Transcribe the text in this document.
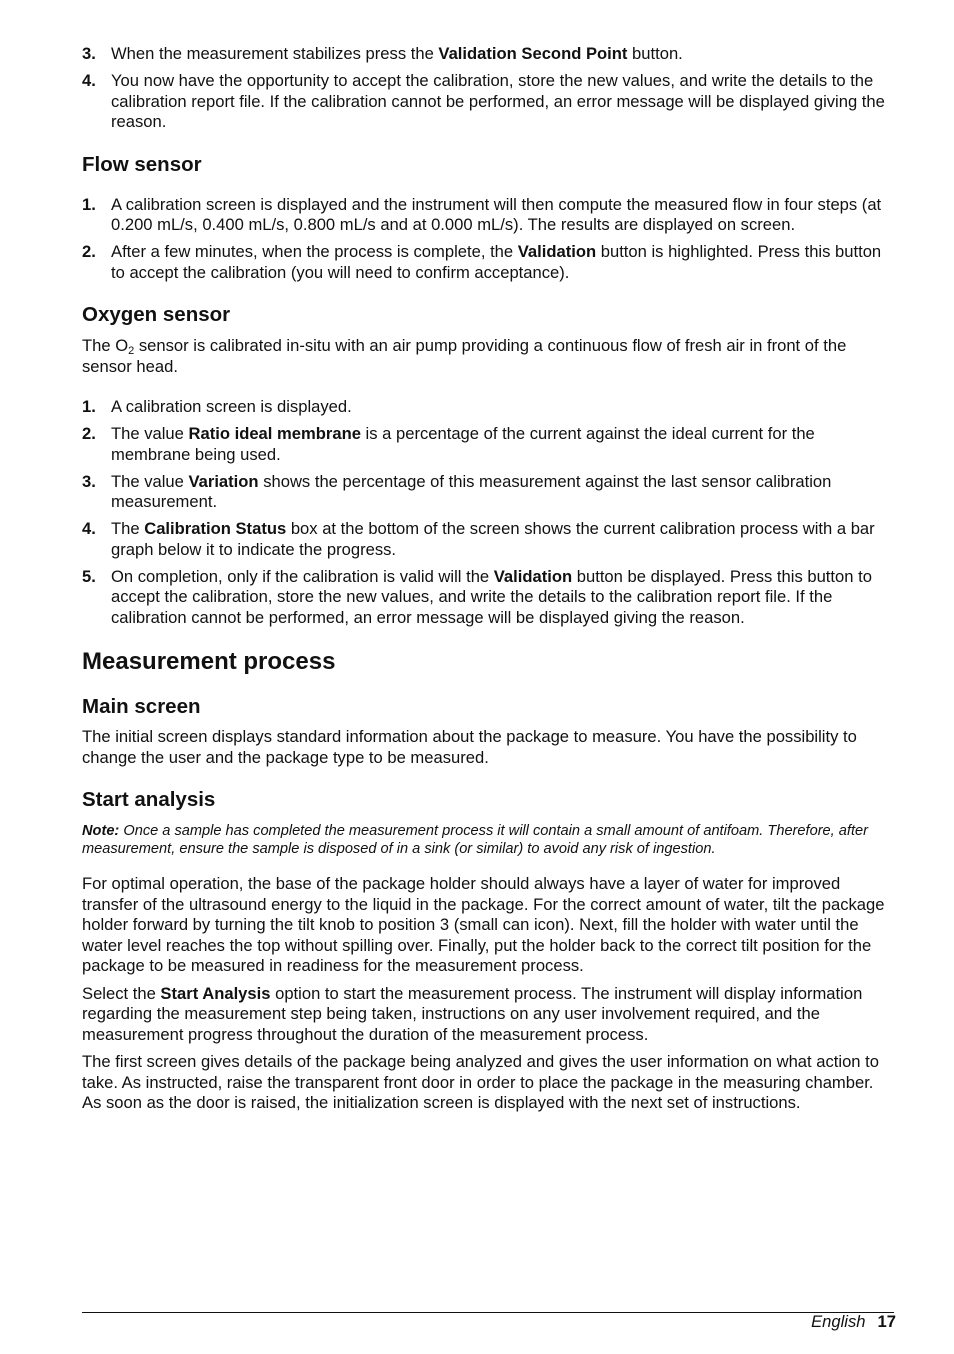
3. When the measurement stabilizes press the Validation Second Point button.
4. You now have the opportunity to accept the calibration, store the new values, and write the details to the calibration report file. If the calibration cannot be performed, an error message will be displayed giving the reason.
Flow sensor
1. A calibration screen is displayed and the instrument will then compute the measured flow in four steps (at 0.200 mL/s, 0.400 mL/s, 0.800 mL/s and at 0.000 mL/s). The results are displayed on screen.
2. After a few minutes, when the process is complete, the Validation button is highlighted. Press this button to accept the calibration (you will need to confirm acceptance).
Oxygen sensor

The $O_2$ sensor is calibrated in-situ with an air pump providing a continuous flow of fresh air in front of the sensor head.

1. A calibration screen is displayed.
2. The value Ratio ideal membrane is a percentage of the current against the ideal current for the membrane being used.
3. The value Variation shows the percentage of this measurement against the last sensor calibration measurement.
4. The Calibration Status box at the bottom of the screen shows the current calibration process with a bar graph below it to indicate the progress.
5. On completion, only if the calibration is valid will the Validation button be displayed. Press this button to accept the calibration, store the new values, and write the details to the calibration report file. If the calibration cannot be performed, an error message will be displayed giving the reason.
Measurement process
Main screen

The initial screen displays standard information about the package to measure. You have the possibility to change the user and the package type to be measured.

Start analysis

Note: Once a sample has completed the measurement process it will contain a small amount of antifoam. Therefore, after measurement, ensure the sample is disposed of in a sink (or similar) to avoid any risk of ingestion.

For optimal operation, the base of the package holder should always have a layer of water for improved transfer of the ultrasound energy to the liquid in the package. For the correct amount of water, tilt the package holder forward by turning the tilt knob to position 3 (small can icon). Next, fill the holder with water until the water level reaches the top without spilling over. Finally, put the holder back to the correct tilt position for the package to be measured in readiness for the measurement process.

Select the Start Analysis option to start the measurement process. The instrument will display information regarding the measurement step being taken, instructions on any user involvement required, and the measurement progress throughout the duration of the measurement process.

The first screen gives details of the package being analyzed and gives the user information on what action to take. As instructed, raise the transparent front door in order to place the package in the measuring chamber. As soon as the door is raised, the initialization screen is displayed with the next set of instructions.

English 17
